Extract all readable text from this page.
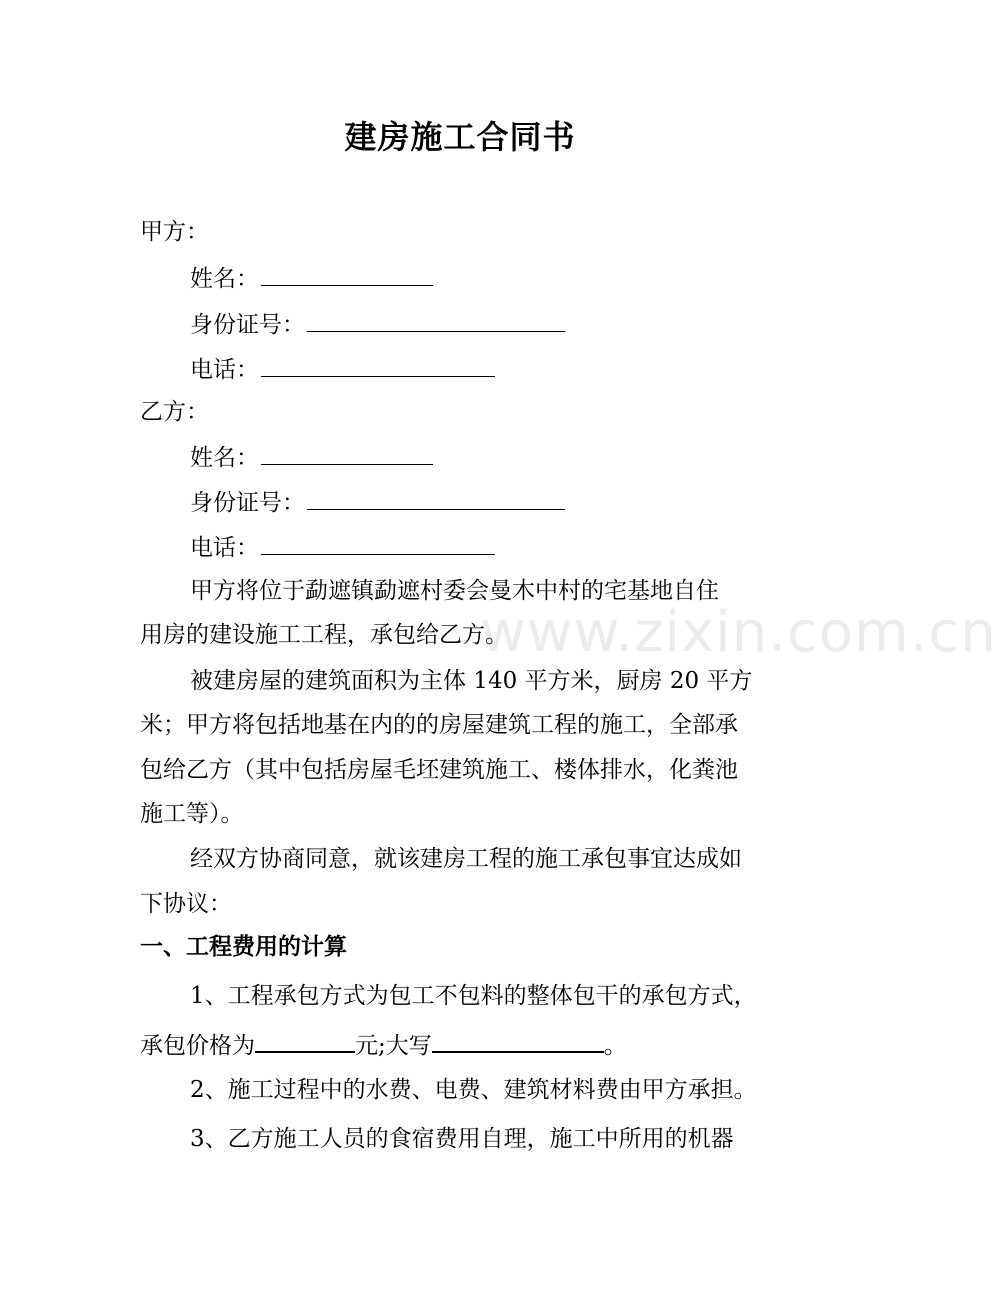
建房施工合同书
甲方：
姓名：
身份证号：
电话：
乙方：
姓名：
身份证号：
电话：
甲方将位于勐遮镇勐遮村委会曼木中村的宅基地自住
用房的建设施工工程，承包给乙方。
被建房屋的建筑面积为主体 140 平方米，厨房 20 平方
米；甲方将包括地基在内的的房屋建筑工程的施工，全部承
包给乙方（其中包括房屋毛坯建筑施工、楼体排水，化粪池
施工等）。
经双方协商同意，就该建房工程的施工承包事宜达成如
下协议：
一、工程费用的计算
1、工程承包方式为包工不包料的整体包干的承包方式，
承包价格为	元;大写	。
2、施工过程中的水费、电费、建筑材料费由甲方承担。
3、乙方施工人员的食宿费用自理，施工中所用的机器
www.zixin.com.cn
